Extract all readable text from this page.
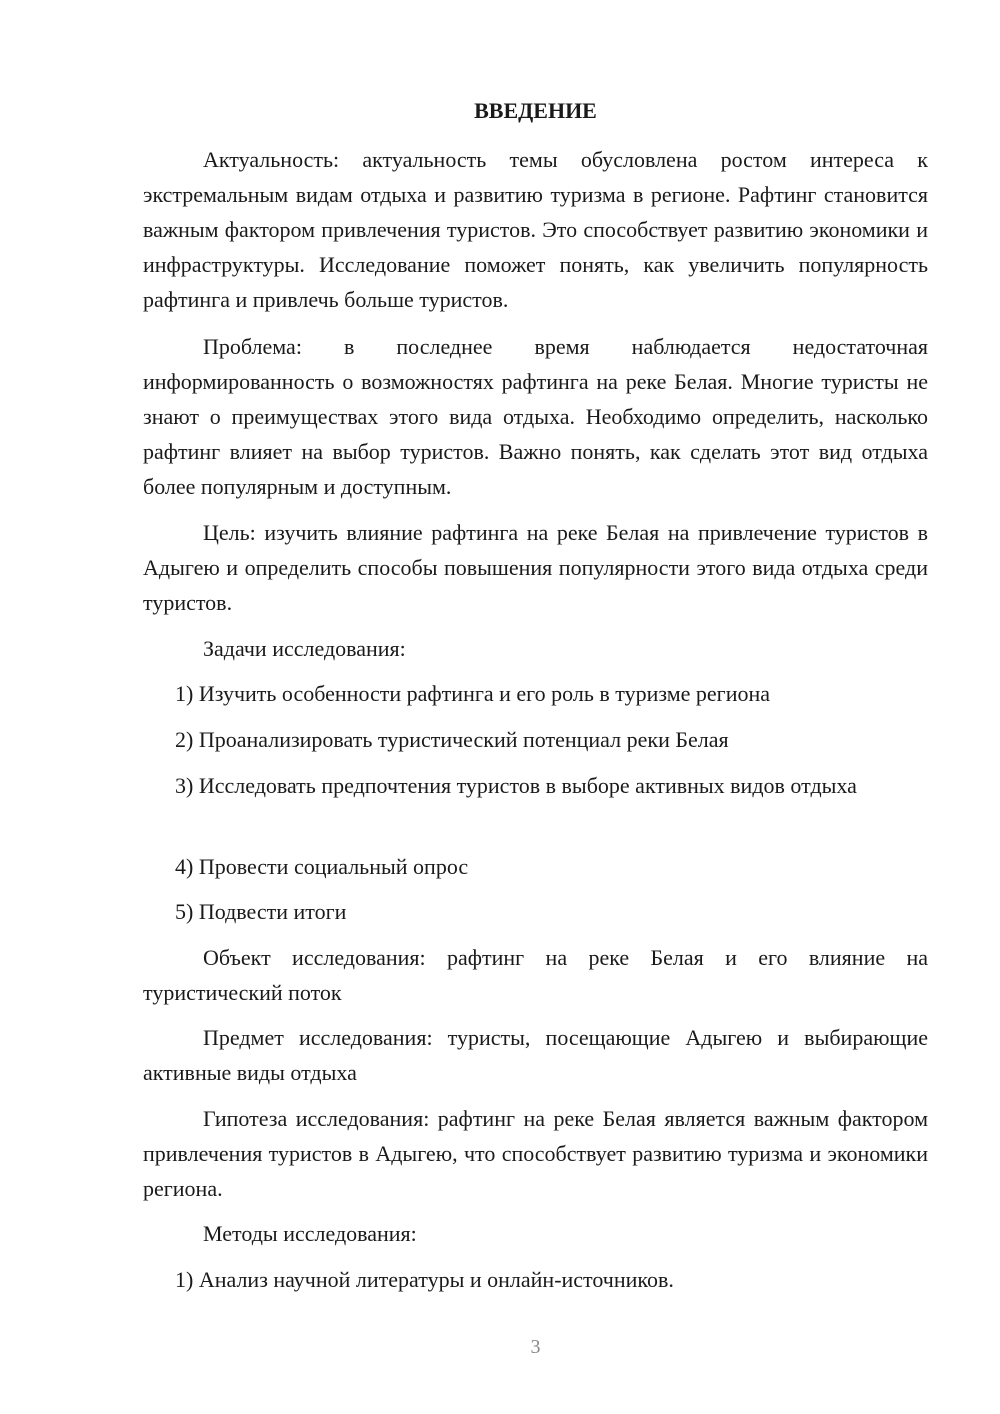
ВВЕДЕНИЕ

Актуальность: актуальность темы обусловлена ростом интереса к экстремальным видам отдыха и развитию туризма в регионе. Рафтинг становится важным фактором привлечения туристов. Это способствует развитию экономики и инфраструктуры. Исследование поможет понять, как увеличить популярность рафтинга и привлечь больше туристов.

Проблема: в последнее время наблюдается недостаточная информированность о возможностях рафтинга на реке Белая. Многие туристы не знают о преимуществах этого вида отдыха. Необходимо определить, насколько рафтинг влияет на выбор туристов. Важно понять, как сделать этот вид отдыха более популярным и доступным.

Цель: изучить влияние рафтинга на реке Белая на привлечение туристов в Адыгею и определить способы повышения популярности этого вида отдыха среди туристов.

Задачи исследования:

1) Изучить особенности рафтинга и его роль в туризме региона

2) Проанализировать туристический потенциал реки Белая

3) Исследовать предпочтения туристов в выборе активных видов отдыха

4) Провести социальный опрос

5) Подвести итоги

Объект исследования: рафтинг на реке Белая и его влияние на туристический поток

Предмет исследования: туристы, посещающие Адыгею и выбирающие активные виды отдыха

Гипотеза исследования: рафтинг на реке Белая является важным фактором привлечения туристов в Адыгею, что способствует развитию туризма и экономики региона.

Методы исследования:

1) Анализ научной литературы и онлайн-источников.

3
